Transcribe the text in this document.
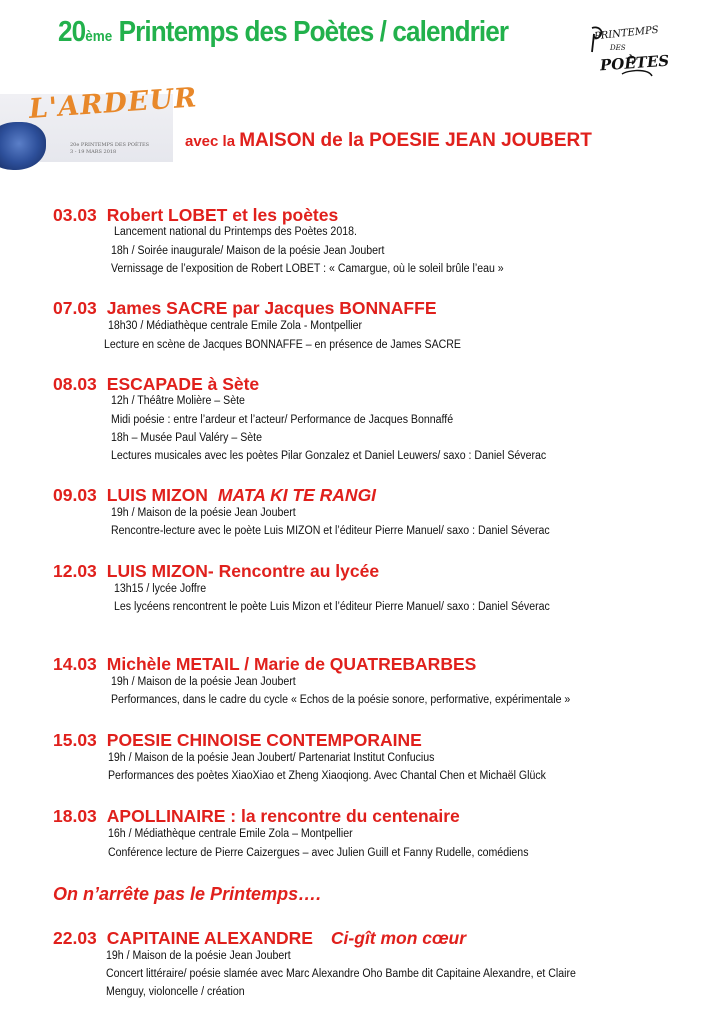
20ème Printemps des Poètes / calendrier	PRINTEMPS
DES
POÈTES
L'ARDEUR
20e PRINTEMPS DES POÈTES
3 - 19 MARS 2018
avec la MAISON de la POESIE JEAN JOUBERT
03.03 Robert LOBET et les poètes
Lancement national du Printemps des Poètes 2018.
18h / Soirée inaugurale/ Maison de la poésie Jean Joubert
Vernissage de l’exposition de Robert LOBET : « Camargue, où le soleil brûle l’eau »
07.03 James SACRE par Jacques BONNAFFE
18h30 / Médiathèque centrale Emile Zola - Montpellier
Lecture en scène de Jacques BONNAFFE – en présence de James SACRE
08.03 ESCAPADE à Sète
12h / Théâtre Molière – Sète
Midi poésie : entre l’ardeur et l’acteur/ Performance de Jacques Bonnaffé
18h – Musée Paul Valéry – Sète
Lectures musicales avec les poètes Pilar Gonzalez et Daniel Leuwers/ saxo : Daniel Séverac
09.03 LUIS MIZON MATA KI TE RANGI
19h / Maison de la poésie Jean Joubert
Rencontre-lecture avec le poète Luis MIZON et l’éditeur Pierre Manuel/ saxo : Daniel Séverac
12.03 LUIS MIZON- Rencontre au lycée
13h15 / lycée Joffre
Les lycéens rencontrent le poète Luis Mizon et l’éditeur Pierre Manuel/ saxo : Daniel Séverac
14.03 Michèle METAIL / Marie de QUATREBARBES
19h / Maison de la poésie Jean Joubert
Performances, dans le cadre du cycle « Echos de la poésie sonore, performative, expérimentale »
15.03 POESIE CHINOISE CONTEMPORAINE
19h / Maison de la poésie Jean Joubert/ Partenariat Institut Confucius
Performances des poètes XiaoXiao et Zheng Xiaoqiong. Avec Chantal Chen et Michaël Glück
18.03 APOLLINAIRE : la rencontre du centenaire
16h / Médiathèque centrale Emile Zola – Montpellier
Conférence lecture de Pierre Caizergues – avec Julien Guill et Fanny Rudelle, comédiens
On n’arrête pas le Printemps….
22.03 CAPITAINE ALEXANDRE Ci-gît mon cœur
19h / Maison de la poésie Jean Joubert
Concert littéraire/ poésie slamée avec Marc Alexandre Oho Bambe dit Capitaine Alexandre, et Claire
Menguy, violoncelle / création
